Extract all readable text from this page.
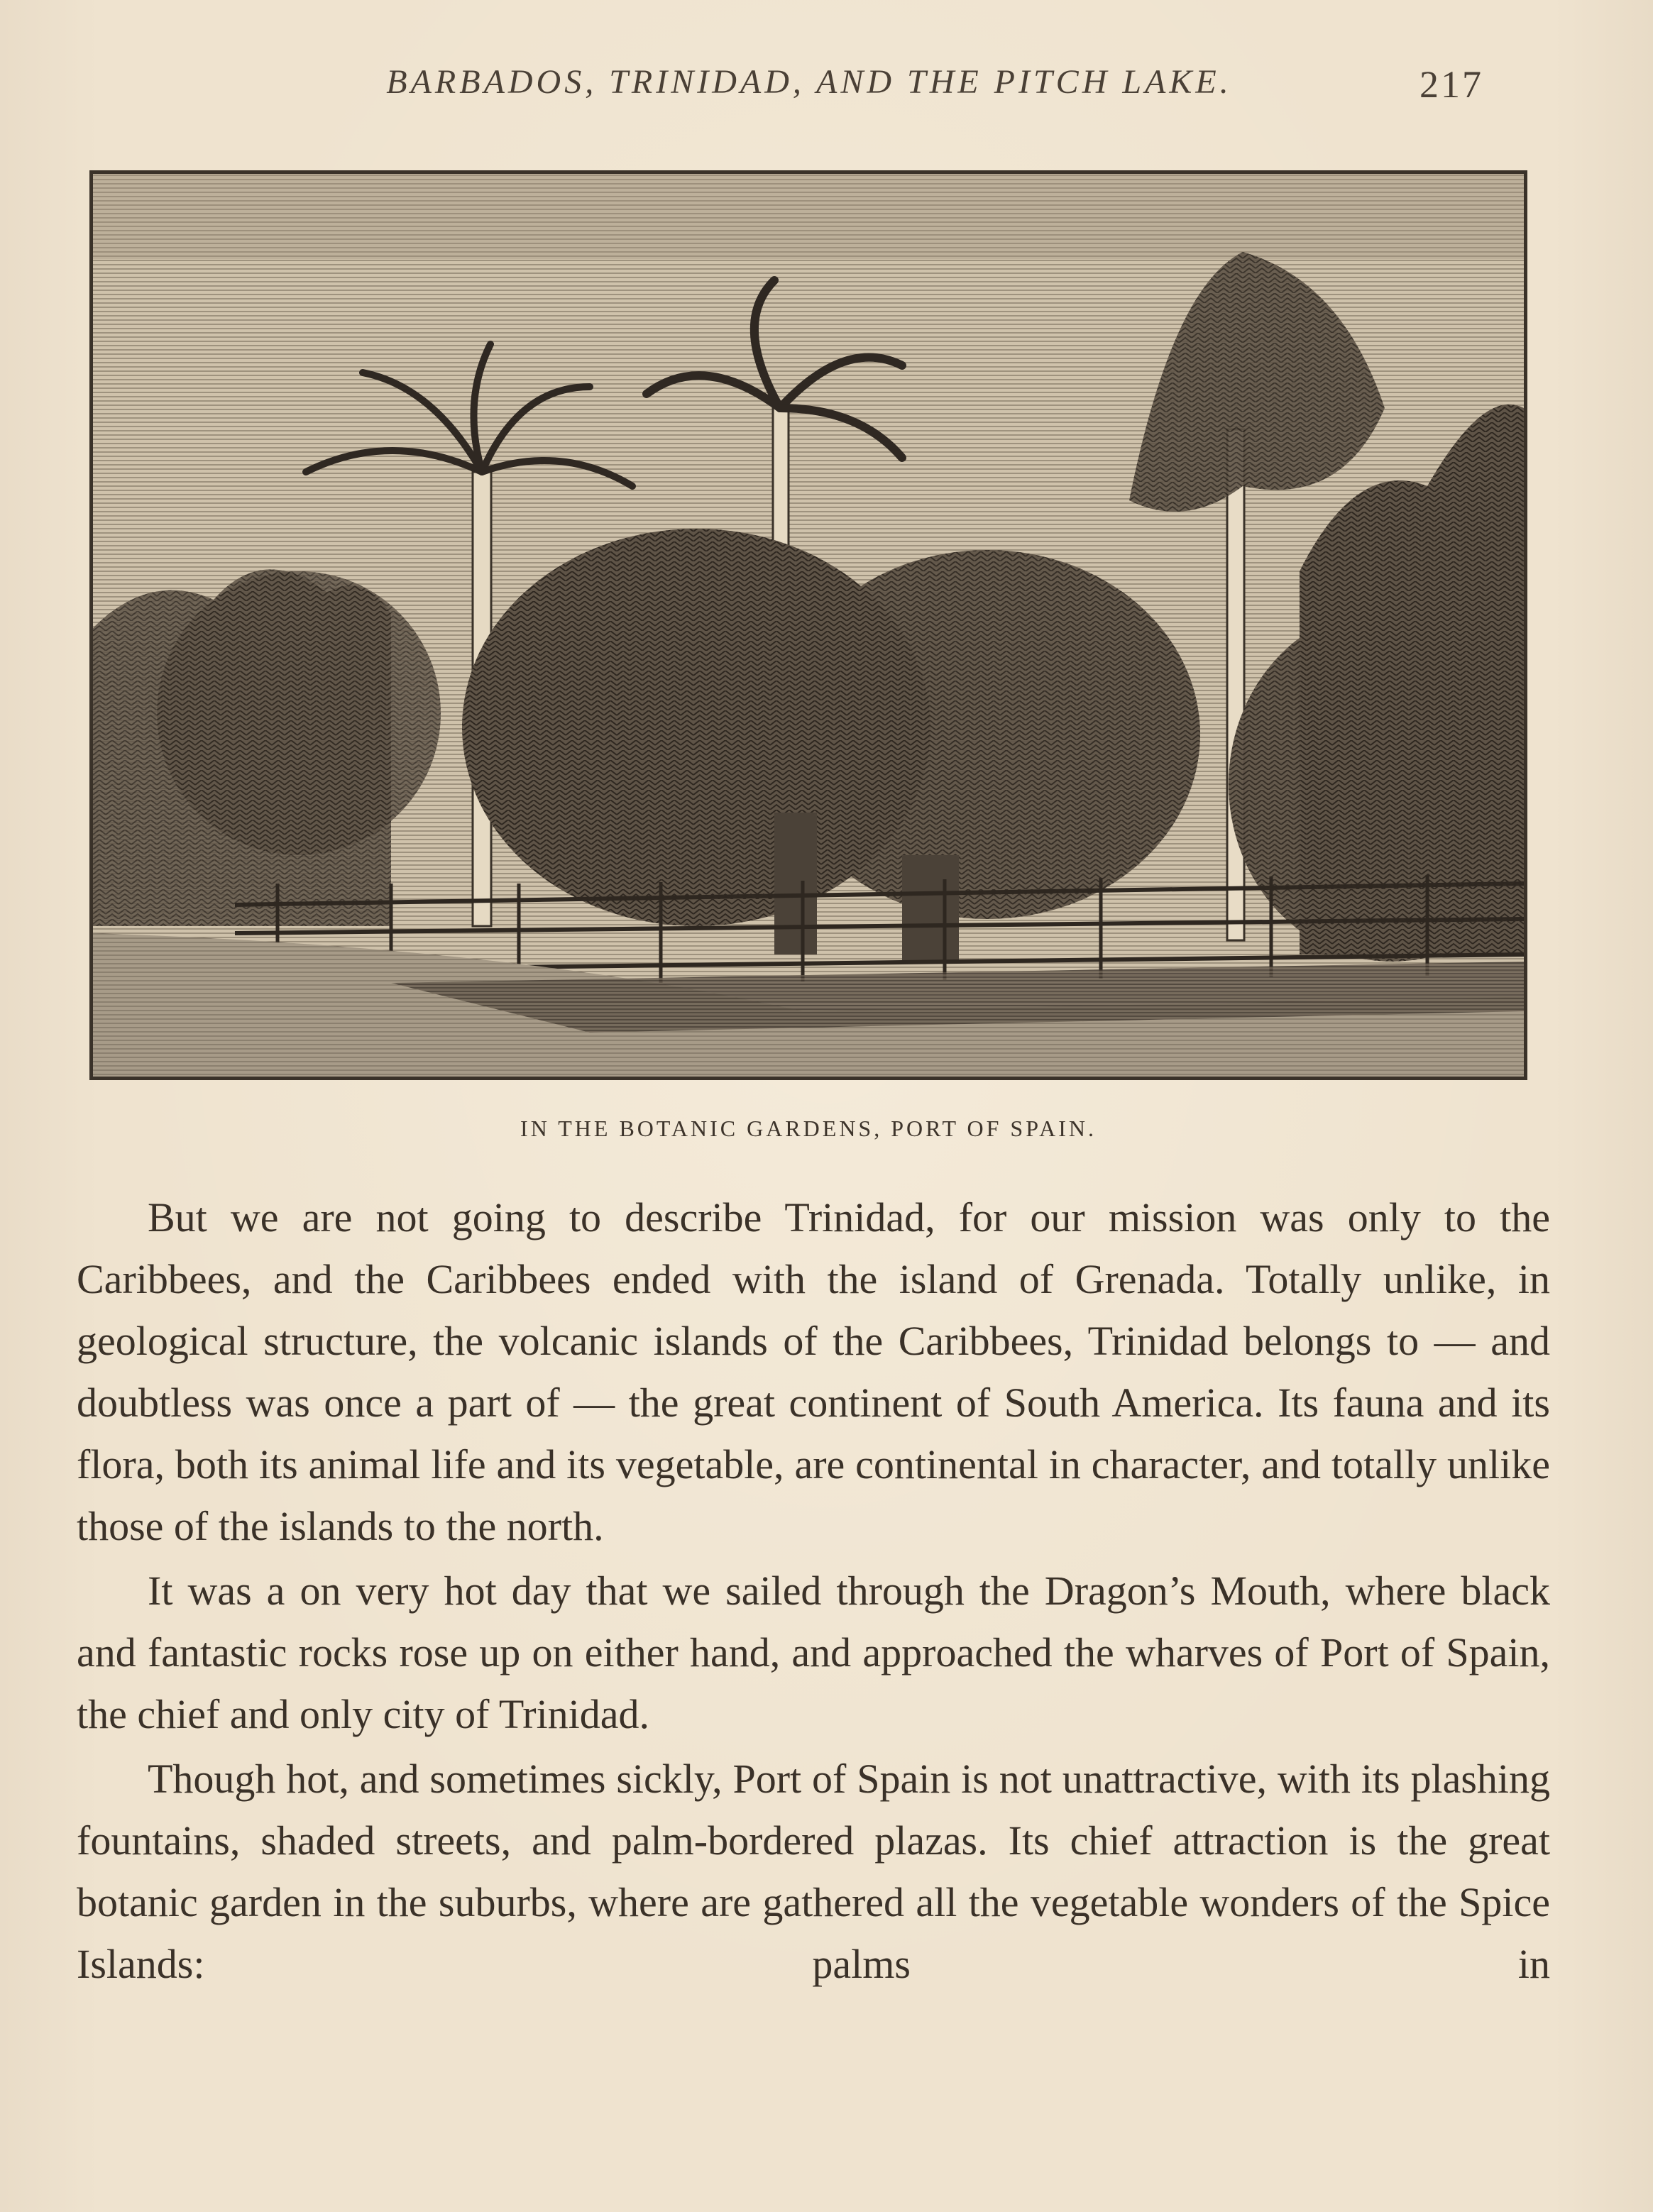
BARBADOS, TRINIDAD, AND THE PITCH LAKE.	217
IN THE BOTANIC GARDENS, PORT OF SPAIN.

But we are not going to describe Trinidad, for our mission was only to the Caribbees, and the Caribbees ended with the island of Grenada. Totally unlike, in geological structure, the volcanic islands of the Caribbees, Trinidad belongs to — and doubtless was once a part of — the great continent of South America. Its fauna and its flora, both its animal life and its vegetable, are continental in character, and totally unlike those of the islands to the north.

It was a on very hot day that we sailed through the Dragon’s Mouth, where black and fantastic rocks rose up on either hand, and approached the wharves of Port of Spain, the chief and only city of Trinidad.

Though hot, and sometimes sickly, Port of Spain is not unattractive, with its plashing fountains, shaded streets, and palm-bordered plazas. Its chief attraction is the great botanic garden in the suburbs, where are gathered all the vegetable wonders of the Spice Islands: palms in
